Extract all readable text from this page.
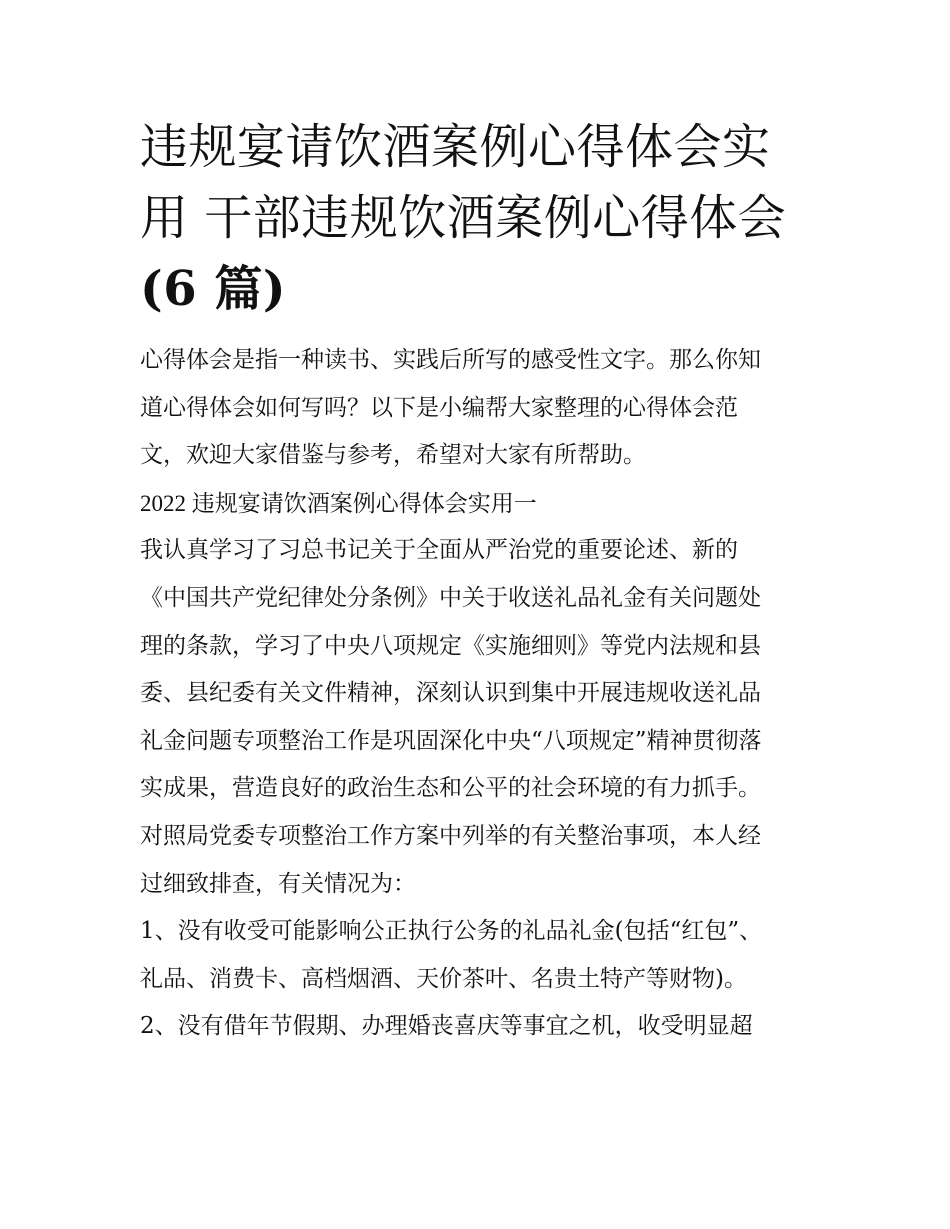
违规宴请饮酒案例心得体会实
用 干部违规饮酒案例心得体会
(6 篇)

心得体会是指一种读书、实践后所写的感受性文字。那么你知
道心得体会如何写吗？以下是小编帮大家整理的心得体会范
文，欢迎大家借鉴与参考，希望对大家有所帮助。

2022 违规宴请饮酒案例心得体会实用一

我认真学习了习总书记关于全面从严治党的重要论述、新的
《中国共产党纪律处分条例》中关于收送礼品礼金有关问题处
理的条款，学习了中央八项规定《实施细则》等党内法规和县
委、县纪委有关文件精神，深刻认识到集中开展违规收送礼品
礼金问题专项整治工作是巩固深化中央“八项规定”精神贯彻落
实成果，营造良好的政治生态和公平的社会环境的有力抓手。
对照局党委专项整治工作方案中列举的有关整治事项，本人经
过细致排查，有关情况为：

1、没有收受可能影响公正执行公务的礼品礼金(包括“红包”、
礼品、消费卡、高档烟酒、天价茶叶、名贵土特产等财物)。

2、没有借年节假期、办理婚丧喜庆等事宜之机，收受明显超
